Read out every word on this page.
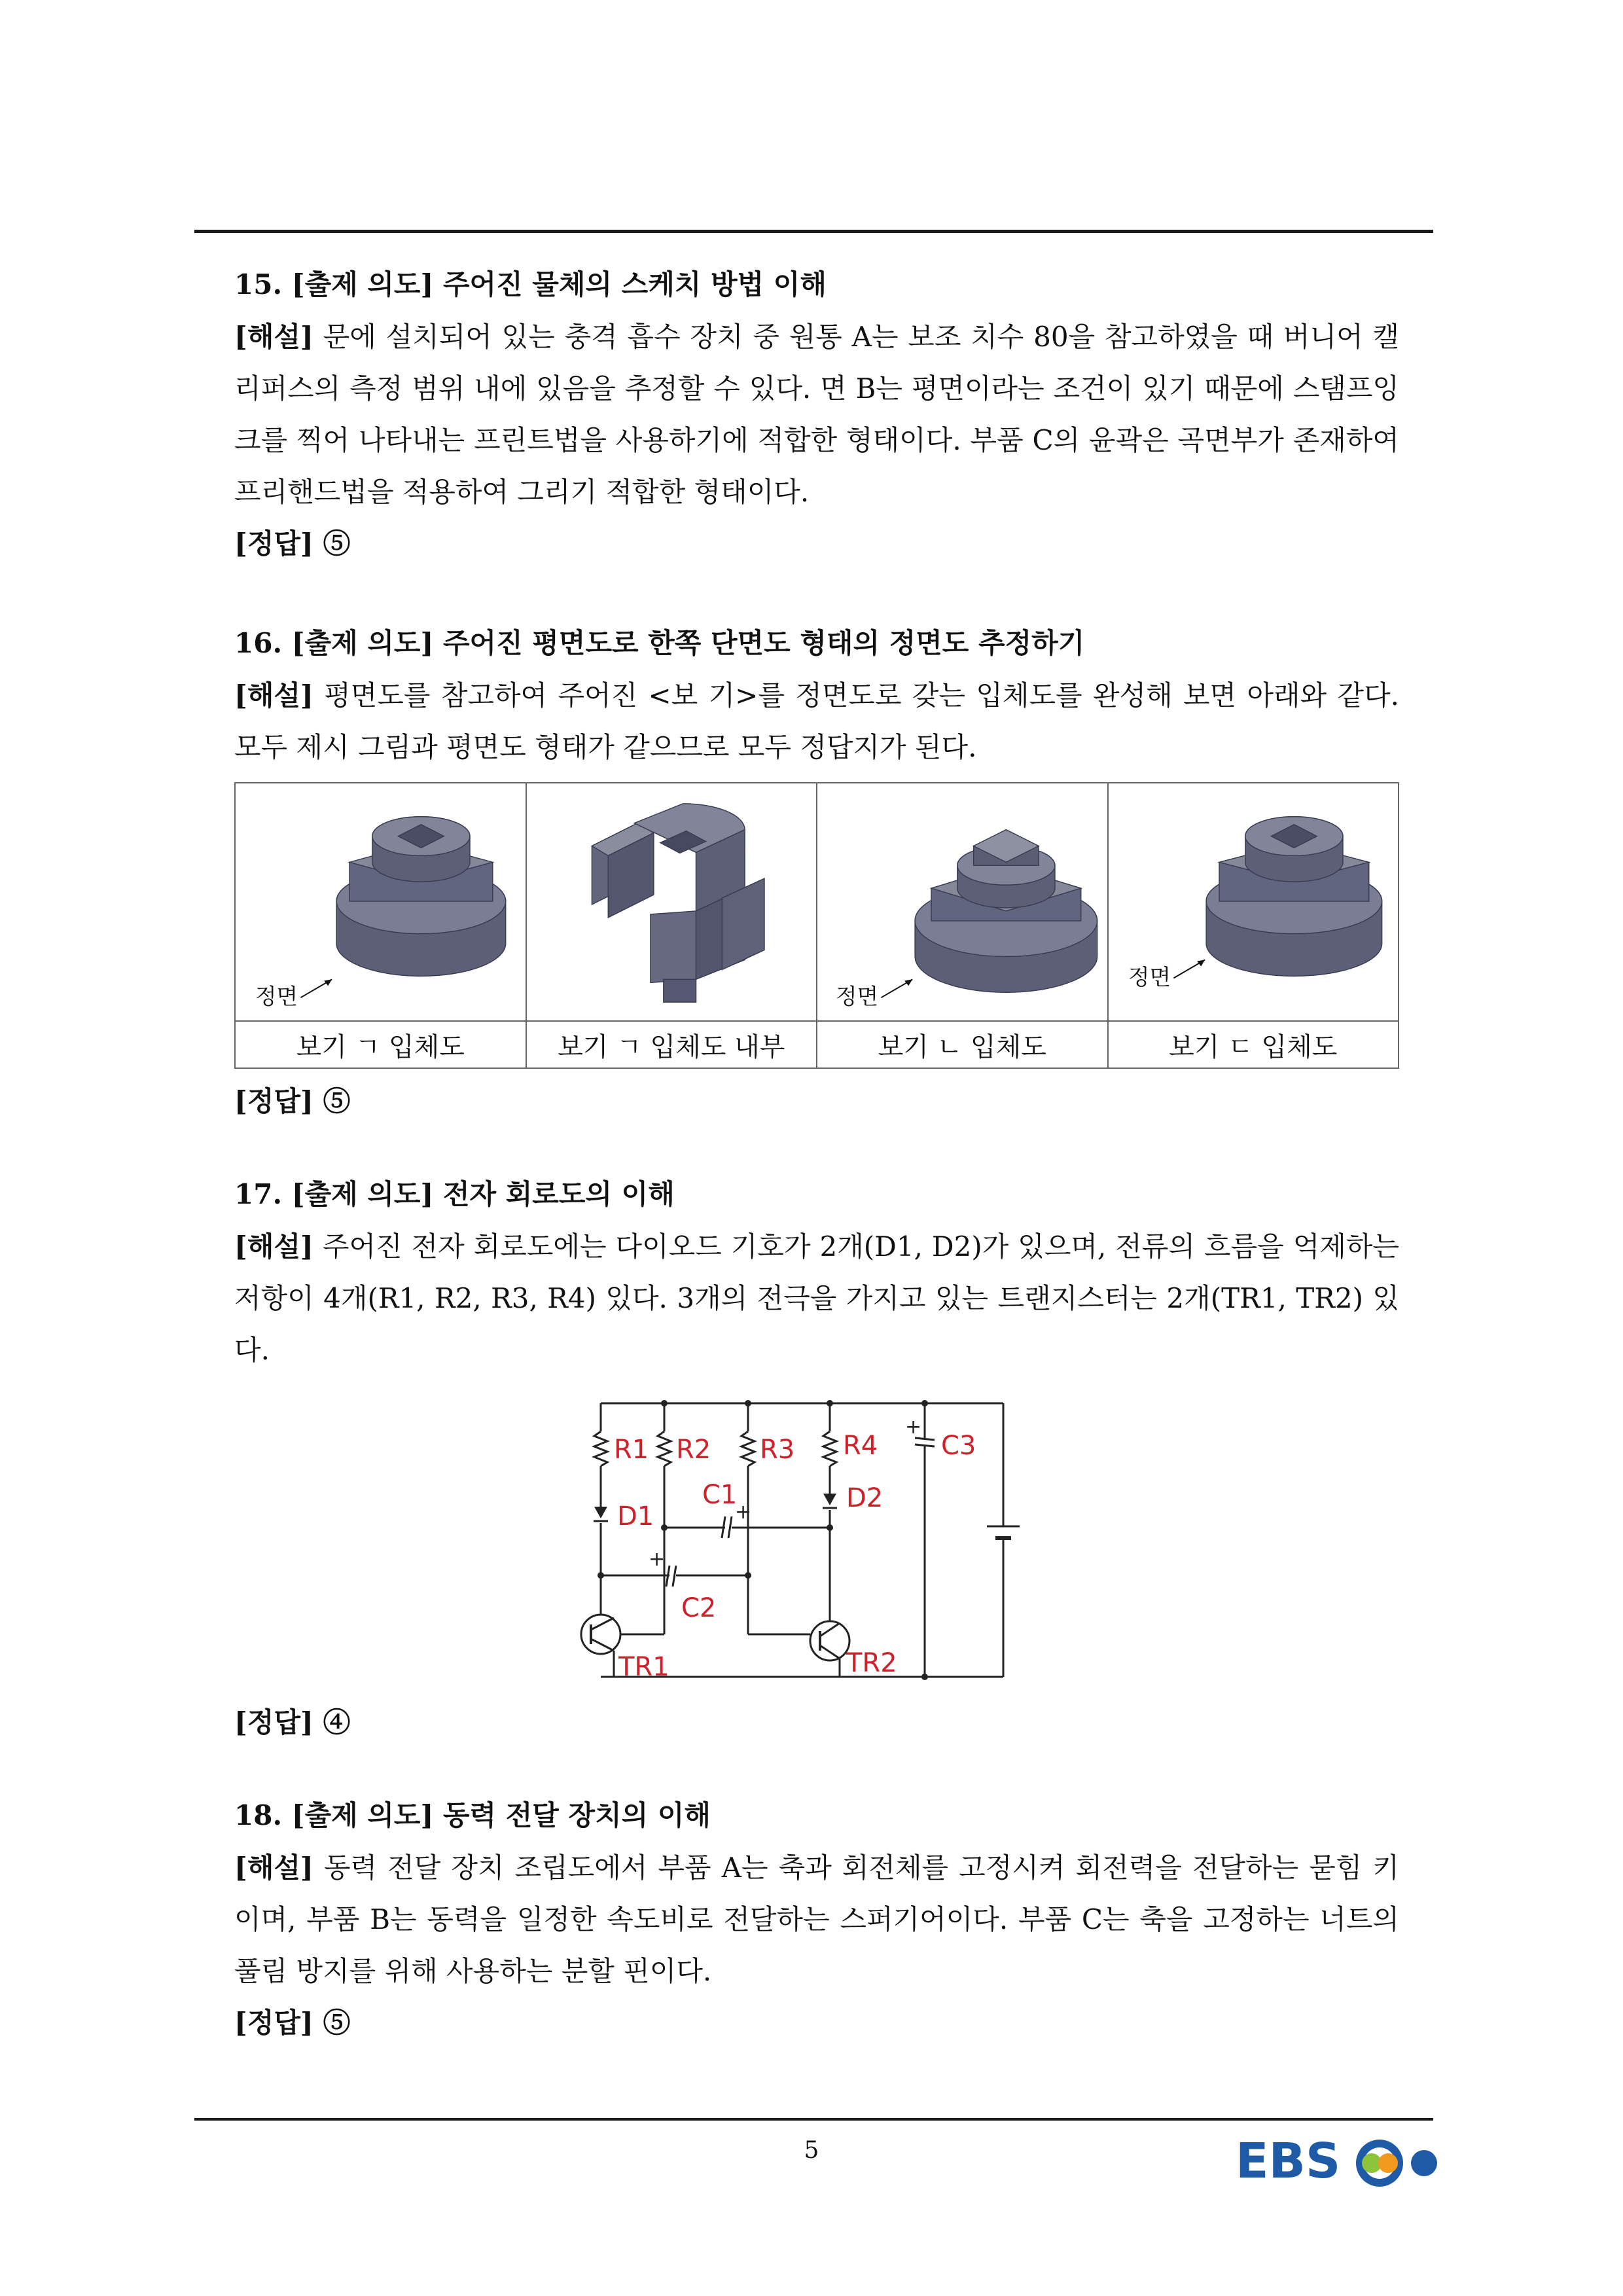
15. [출제 의도] 주어진 물체의 스케치 방법 이해

[해설] 문에 설치되어 있는 충격 흡수 장치 중 원통 A는 보조 치수 80을 참고하였을 때 버니어 캘리퍼스의 측정 범위 내에 있음을 추정할 수 있다. 면 B는 평면이라는 조건이 있기 때문에 스탬프잉크를 찍어 나타내는 프린트법을 사용하기에 적합한 형태이다. 부품 C의 윤곽은 곡면부가 존재하여 프리핸드법을 적용하여 그리기 적합한 형태이다.

[정답] ⑤

16. [출제 의도] 주어진 평면도로 한쪽 단면도 형태의 정면도 추정하기

[해설] 평면도를 참고하여 주어진 <보 기>를 정면도로 갖는 입체도를 완성해 보면 아래와 같다. 모두 제시 그림과 평면도 형태가 같으므로 모두 정답지가 된다.

정면		정면	정면

보기 ㄱ 입체도	보기 ㄱ 입체도 내부	보기 ㄴ 입체도	보기 ㄷ 입체도

[정답] ⑤

17. [출제 의도] 전자 회로도의 이해

[해설] 주어진 전자 회로도에는 다이오드 기호가 2개(D1, D2)가 있으며, 전류의 흐름을 억제하는 저항이 4개(R1, R2, R3, R4) 있다. 3개의 전극을 가지고 있는 트랜지스터는 2개(TR1, TR2) 있다.

R1 R2 R3 R4 C3
D1
D2
C1
C2
TR1	TR2
+
+
+

[정답] ④

18. [출제 의도] 동력 전달 장치의 이해

[해설] 동력 전달 장치 조립도에서 부품 A는 축과 회전체를 고정시켜 회전력을 전달하는 묻힘 키이며, 부품 B는 동력을 일정한 속도비로 전달하는 스퍼기어이다. 부품 C는 축을 고정하는 너트의 풀림 방지를 위해 사용하는 분할 핀이다.

[정답] ⑤

5	EBS
